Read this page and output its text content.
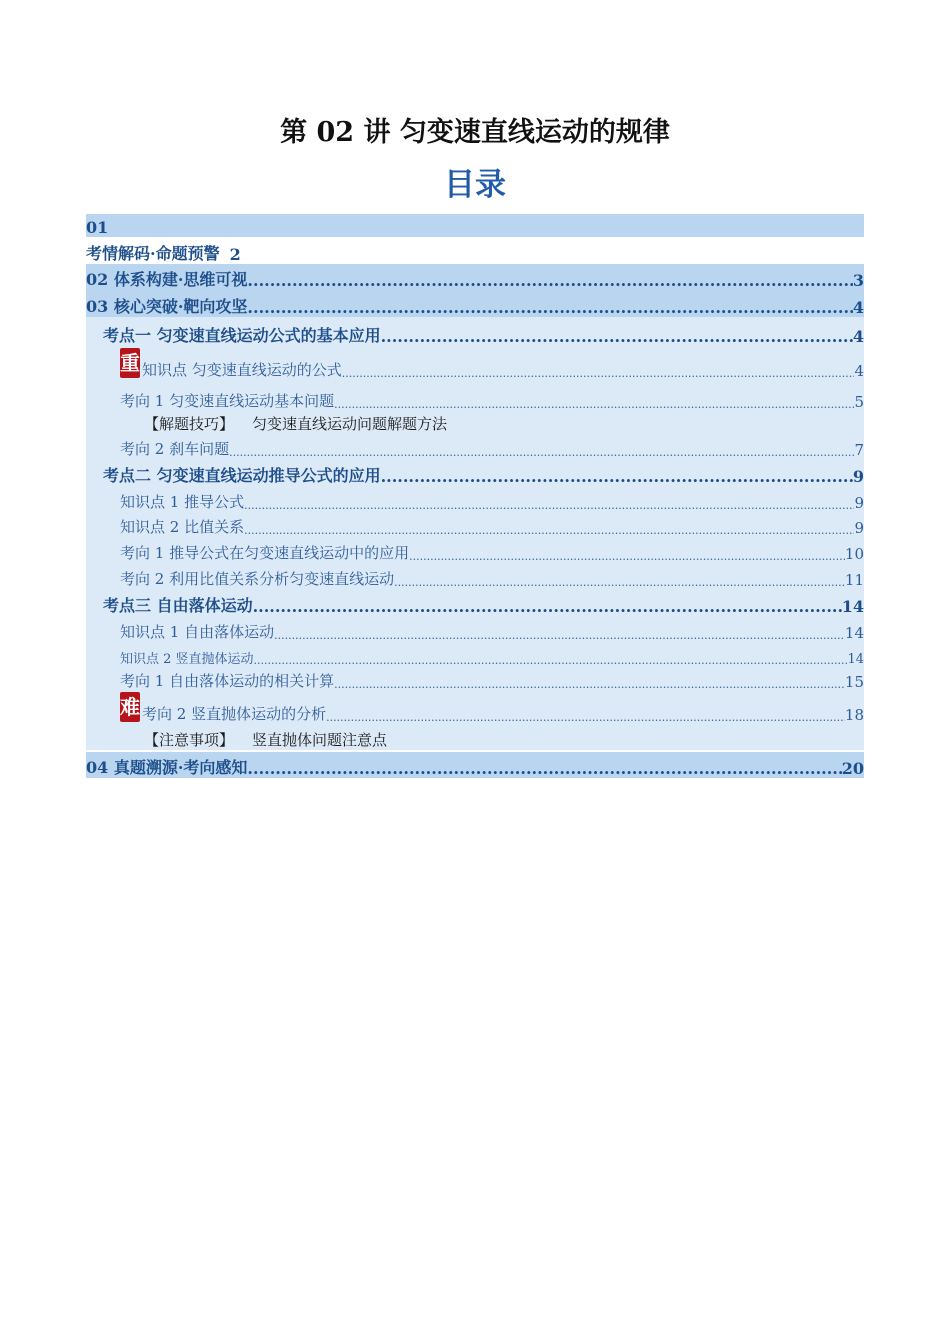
第 02 讲 匀变速直线运动的规律
目录
01
考情解码·命题预警 2
02 体系构建·思维可视 .....	3
03 核心突破·靶向攻坚 .....	4
考点一 匀变速直线运动公式的基本应用 .....	4
重 知识点 匀变速直线运动的公式 .....	4
考向 1 匀变速直线运动基本问题 .....	5
【解题技巧】 匀变速直线运动问题解题方法
考向 2 刹车问题 .....	7
考点二 匀变速直线运动推导公式的应用 .....	9
知识点 1 推导公式 .....	9
知识点 2 比值关系 .....	9
考向 1 推导公式在匀变速直线运动中的应用 .....	10
考向 2 利用比值关系分析匀变速直线运动 .....	11
考点三 自由落体运动 .....	14
知识点 1 自由落体运动 .....	14
知识点 2 竖直抛体运动 .....	14
考向 1 自由落体运动的相关计算 .....	15
难 考向 2 竖直抛体运动的分析 .....	18
【注意事项】 竖直抛体问题注意点
04 真题溯源·考向感知 .....	20
